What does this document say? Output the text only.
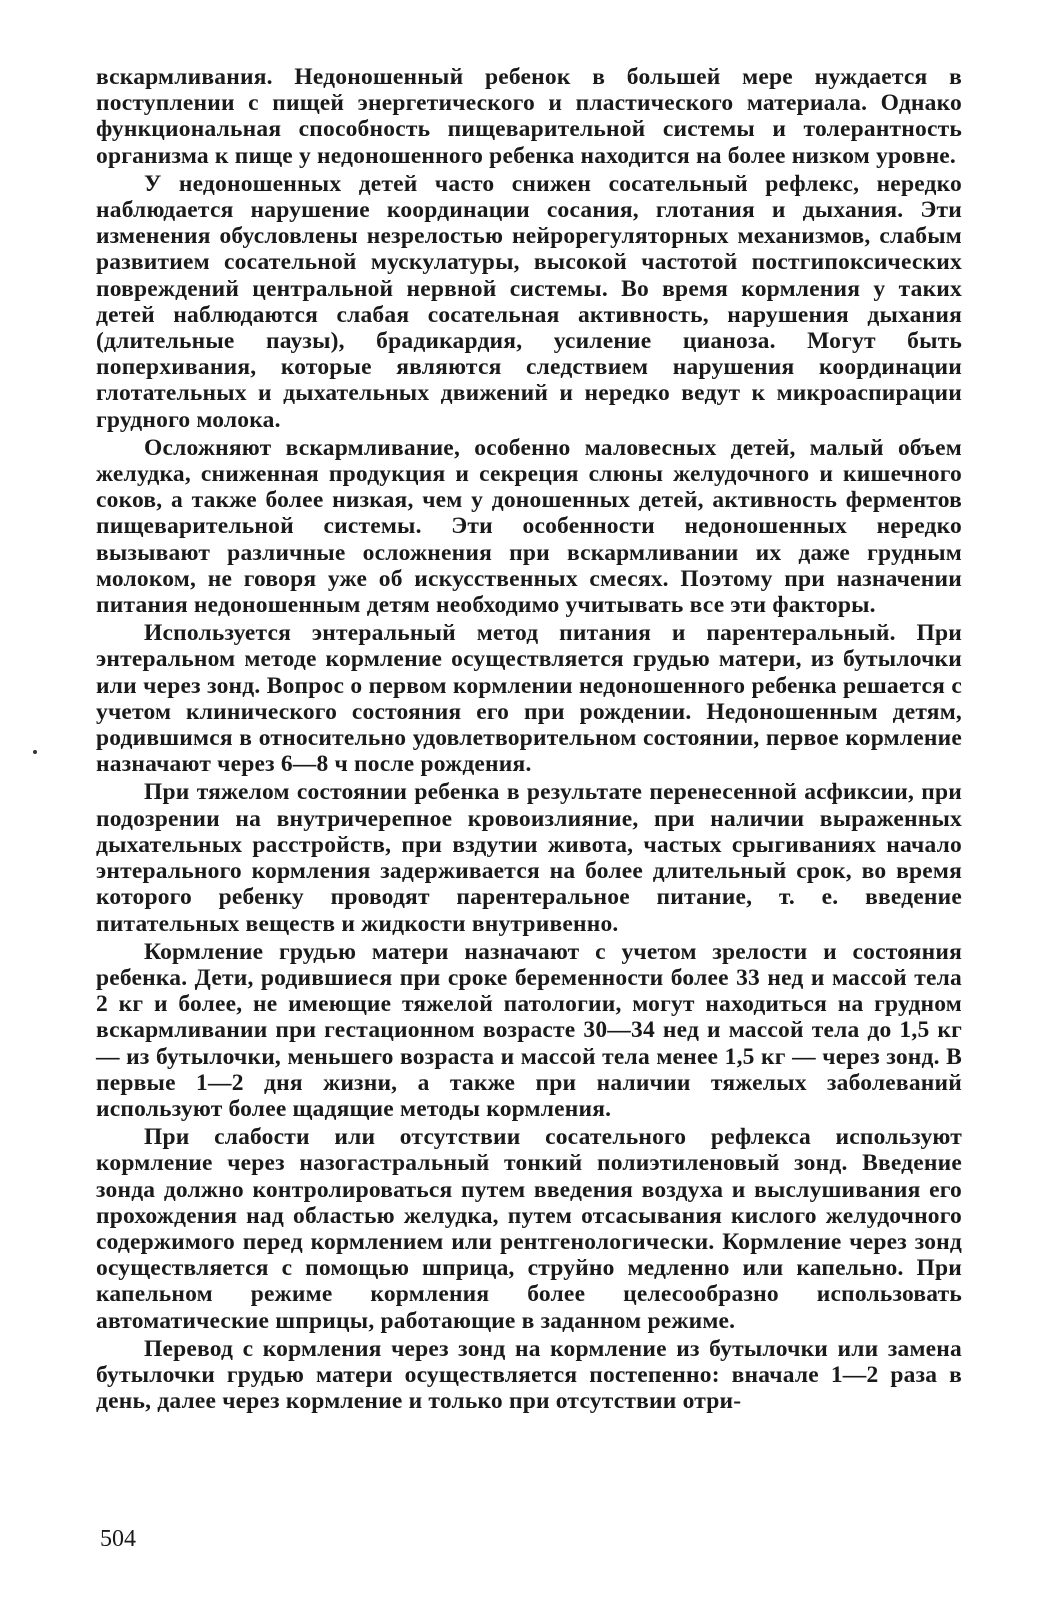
вскармливания. Недоношенный ребенок в большей мере нуждается в поступлении с пищей энергетического и пластического материала. Однако функциональная способность пищеварительной системы и толерантность организма к пище у недоношенного ребенка находится на более низком уровне.

У недоношенных детей часто снижен сосательный рефлекс, нередко наблюдается нарушение координации сосания, глотания и дыхания. Эти изменения обусловлены незрелостью нейрорегуляторных механизмов, слабым развитием сосательной мускулатуры, высокой частотой постгипоксических повреждений центральной нервной системы. Во время кормления у таких детей наблюдаются слабая сосательная активность, нарушения дыхания (длительные паузы), брадикардия, усиление цианоза. Могут быть поперхивания, которые являются следствием нарушения координации глотательных и дыхательных движений и нередко ведут к микроаспирации грудного молока.

Осложняют вскармливание, особенно маловесных детей, малый объем желудка, сниженная продукция и секреция слюны желудочного и кишечного соков, а также более низкая, чем у доношенных детей, активность ферментов пищеварительной системы. Эти особенности недоношенных нередко вызывают различные осложнения при вскармливании их даже грудным молоком, не говоря уже об искусственных смесях. Поэтому при назначении питания недоношенным детям необходимо учитывать все эти факторы.

Используется энтеральный метод питания и парентеральный. При энтеральном методе кормление осуществляется грудью матери, из бутылочки или через зонд. Вопрос о первом кормлении недоношенного ребенка решается с учетом клинического состояния его при рождении. Недоношенным детям, родившимся в относительно удовлетворительном состоянии, первое кормление назначают через 6—8 ч после рождения.

При тяжелом состоянии ребенка в результате перенесенной асфиксии, при подозрении на внутричерепное кровоизлияние, при наличии выраженных дыхательных расстройств, при вздутии живота, частых срыгиваниях начало энтерального кормления задерживается на более длительный срок, во время которого ребенку проводят парентеральное питание, т. е. введение питательных веществ и жидкости внутривенно.

Кормление грудью матери назначают с учетом зрелости и состояния ребенка. Дети, родившиеся при сроке беременности более 33 нед и массой тела 2 кг и более, не имеющие тяжелой патологии, могут находиться на грудном вскармливании при гестационном возрасте 30—34 нед и массой тела до 1,5 кг — из бутылочки, меньшего возраста и массой тела менее 1,5 кг — через зонд. В первые 1—2 дня жизни, а также при наличии тяжелых заболеваний используют более щадящие методы кормления.

При слабости или отсутствии сосательного рефлекса используют кормление через назогастральный тонкий полиэтиленовый зонд. Введение зонда должно контролироваться путем введения воздуха и выслушивания его прохождения над областью желудка, путем отсасывания кислого желудочного содержимого перед кормлением или рентгенологически. Кормление через зонд осуществляется с помощью шприца, струйно медленно или капельно. При капельном режиме кормления более целесообразно использовать автоматические шприцы, работающие в заданном режиме.

Перевод с кормления через зонд на кормление из бутылочки или замена бутылочки грудью матери осуществляется постепенно: вначале 1—2 раза в день, далее через кормление и только при отсутствии отри-

504
